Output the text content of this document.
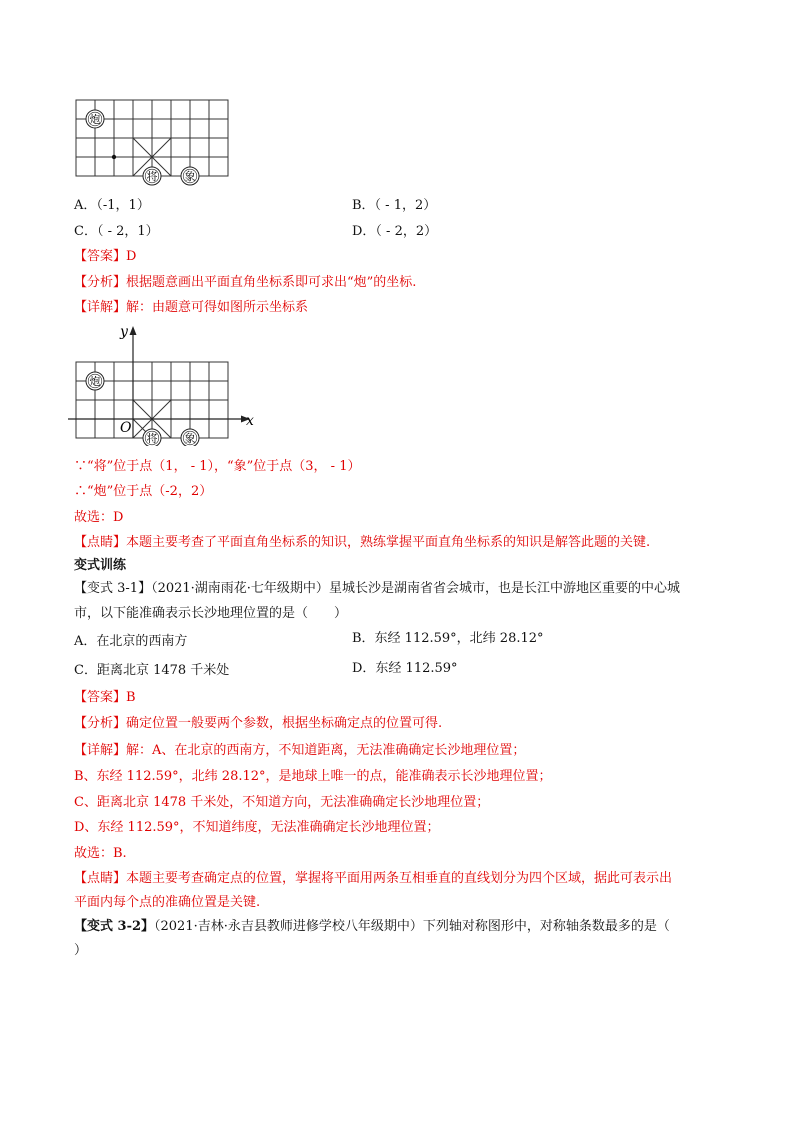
炮
将 象
A．（-1，1）	B．（ - 1，2）
C．（ - 2，1）	D．（ - 2，2）
【答案】D
【分析】根据题意画出平面直角坐标系即可求出“炮”的坐标.
【详解】解：由题意可得如图所示坐标系
y
x
O
炮
将 象
∵“将”位于点（1， - 1），“象”位于点（3， - 1）
∴“炮”位于点（-2，2）
故选：D
【点睛】本题主要考查了平面直角坐标系的知识，熟练掌握平面直角坐标系的知识是解答此题的关键.
变式训练
【变式 3-1】（2021·湖南雨花·七年级期中）星城长沙是湖南省省会城市，也是长江中游地区重要的中心城
市，以下能准确表示长沙地理位置的是（　　）
A．在北京的西南方	B．东经 112.59°，北纬 28.12°
C．距离北京 1478 千米处	D．东经 112.59°
【答案】B
【分析】确定位置一般要两个参数，根据坐标确定点的位置可得.
【详解】解：A、在北京的西南方，不知道距离，无法准确确定长沙地理位置；
B、东经 112.59°，北纬 28.12°，是地球上唯一的点，能准确表示长沙地理位置；
C、距离北京 1478 千米处，不知道方向，无法准确确定长沙地理位置；
D、东经 112.59°，不知道纬度，无法准确确定长沙地理位置；
故选：B.
【点睛】本题主要考查确定点的位置，掌握将平面用两条互相垂直的直线划分为四个区域，据此可表示出
平面内每个点的准确位置是关键.
【变式 3-2】（2021·吉林·永吉县教师进修学校八年级期中）下列轴对称图形中，对称轴条数最多的是（
）
